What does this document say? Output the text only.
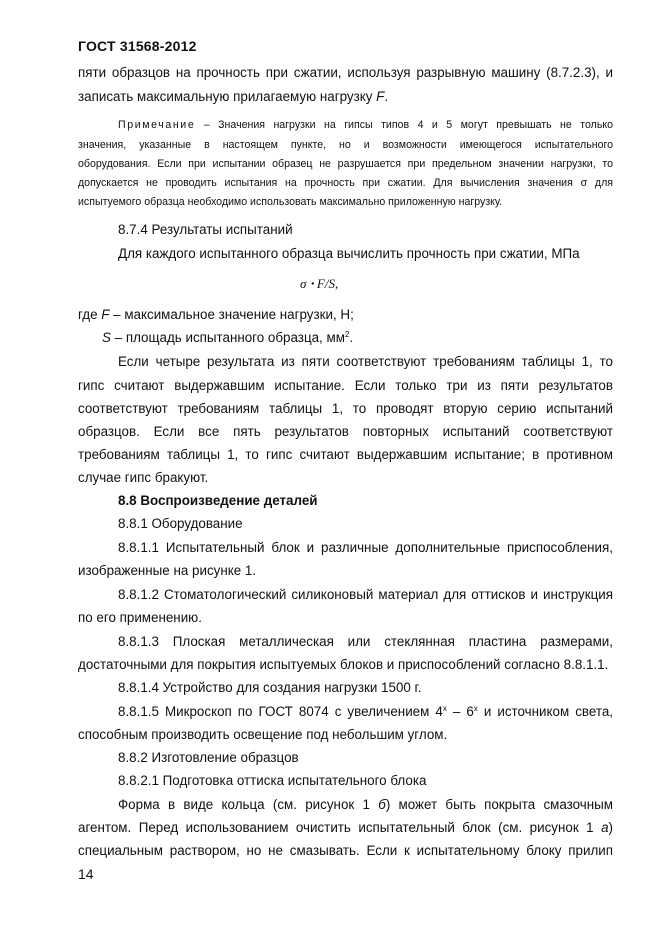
ГОСТ 31568-2012
пяти образцов на прочность при сжатии, используя разрывную машину (8.7.2.3), и
записать максимальную прилагаемую нагрузку F.
Примечание – Значения нагрузки на гипсы типов 4 и 5 могут превышать не только
значения, указанные в настоящем пункте, но и возможности имеющегося испытательного
оборудования. Если при испытании образец не разрушается при предельном значении нагрузки, то
допускается не проводить испытания на прочность при сжатии. Для вычисления значения σ для
испытуемого образца необходимо использовать максимально приложенную нагрузку.
8.7.4 Результаты испытаний
Для каждого испытанного образца вычислить прочность при сжатии, МПа
σ ꞏ F/S,
где F – максимальное значение нагрузки, Н;
S – площадь испытанного образца, $мм^2$.
Если четыре результата из пяти соответствуют требованиям таблицы 1, то
гипс считают выдержавшим испытание. Если только три из пяти результатов
соответствуют требованиям таблицы 1, то проводят вторую серию испытаний
образцов. Если все пять результатов повторных испытаний соответствуют
требованиям таблицы 1, то гипс считают выдержавшим испытание; в противном
случае гипс бракуют.
8.8 Воспроизведение деталей
8.8.1 Оборудование
8.8.1.1 Испытательный блок и различные дополнительные приспособления,
изображенные на рисунке 1.
8.8.1.2 Стоматологический силиконовый материал для оттисков и инструкция
по его применению.
8.8.1.3 Плоская металлическая или стеклянная пластина размерами,
достаточными для покрытия испытуемых блоков и приспособлений согласно 8.8.1.1.
8.8.1.4 Устройство для создания нагрузки 1500 г.
8.8.1.5 Микроскоп по ГОСТ 8074 с увеличением 4$^x$ – 6$^x$ и источником света,
способным производить освещение под небольшим углом.
8.8.2 Изготовление образцов
8.8.2.1 Подготовка оттиска испытательного блока
Форма в виде кольца (см. рисунок 1 б) может быть покрыта смазочным
агентом. Перед использованием очистить испытательный блок (см. рисунок 1 а)
специальным раствором, но не смазывать. Если к испытательному блоку прилип
14
